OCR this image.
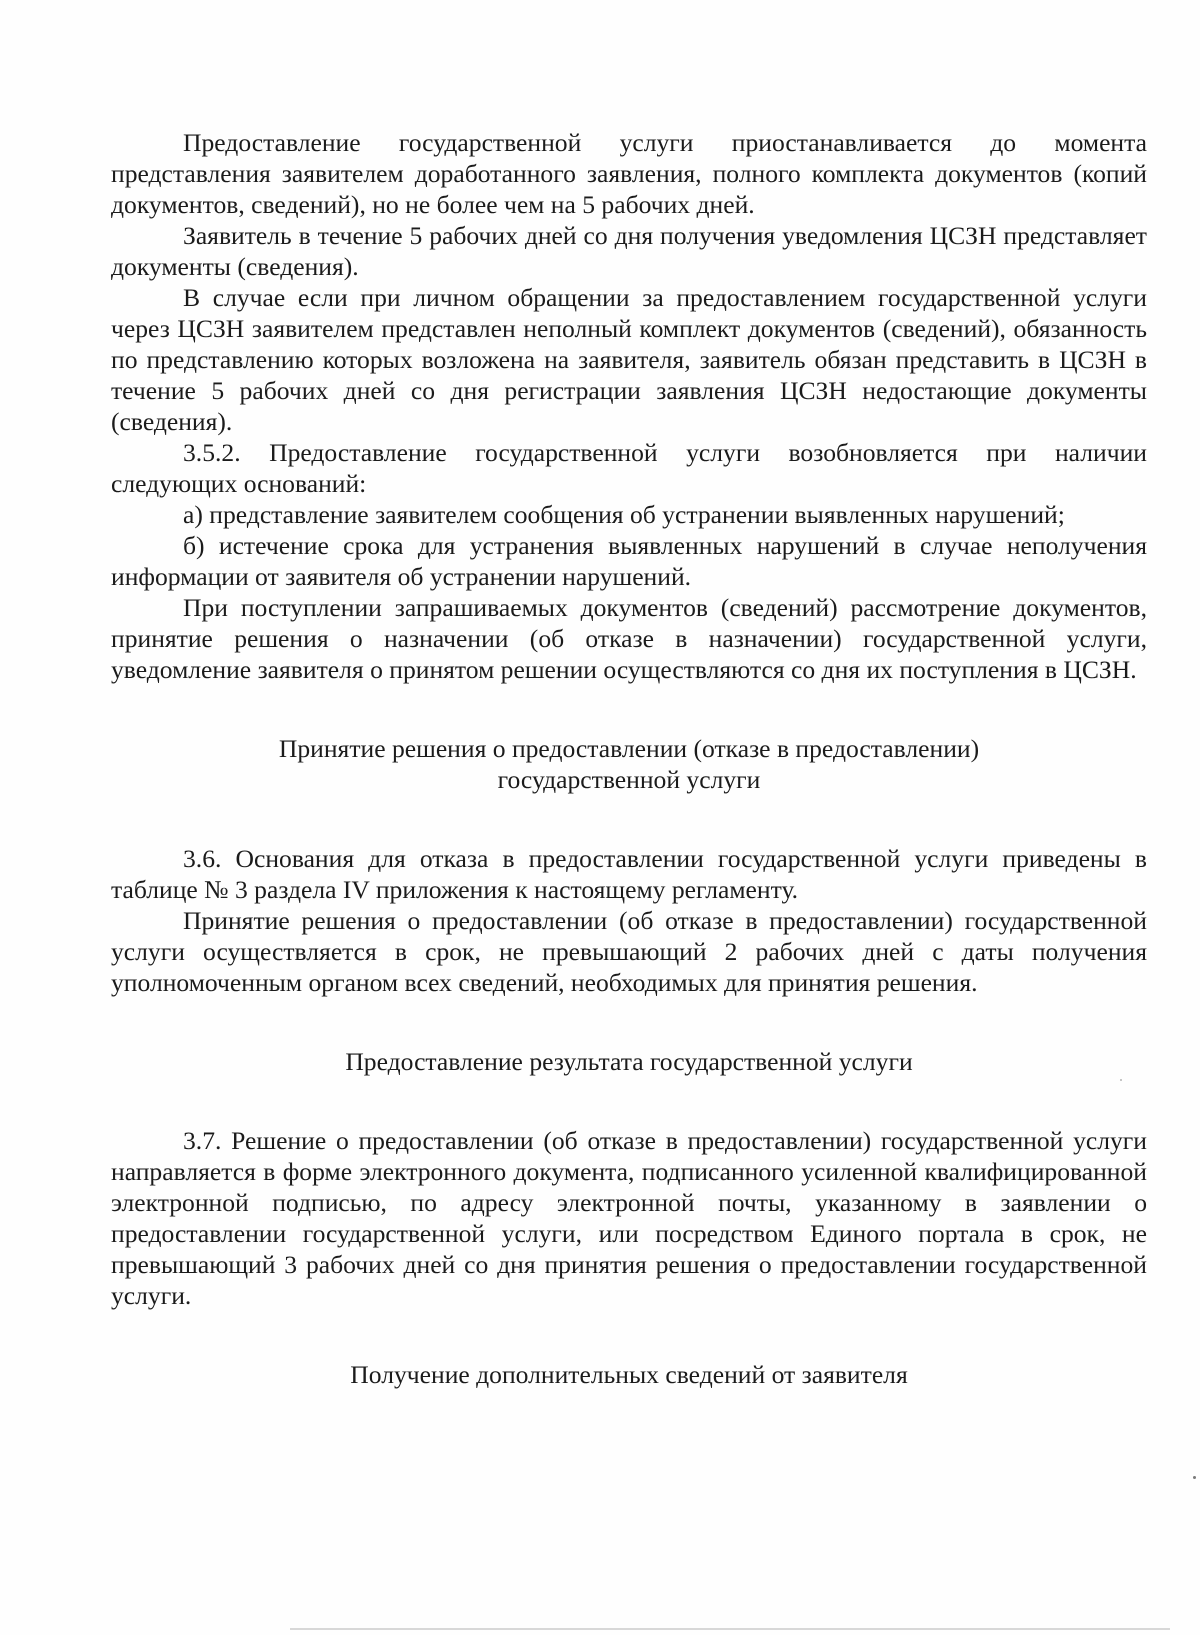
Предоставление государственной услуги приостанавливается до момента представления заявителем доработанного заявления, полного комплекта документов (копий документов, сведений), но не более чем на 5 рабочих дней.

Заявитель в течение 5 рабочих дней со дня получения уведомления ЦСЗН представляет документы (сведения).

В случае если при личном обращении за предоставлением государственной услуги через ЦСЗН заявителем представлен неполный комплект документов (сведений), обязанность по представлению которых возложена на заявителя, заявитель обязан представить в ЦСЗН в течение 5 рабочих дней со дня регистрации заявления ЦСЗН недостающие документы (сведения).

3.5.2. Предоставление государственной услуги возобновляется при наличии следующих оснований:

а) представление заявителем сообщения об устранении выявленных нарушений;

б) истечение срока для устранения выявленных нарушений в случае неполучения информации от заявителя об устранении нарушений.

При поступлении запрашиваемых документов (сведений) рассмотрение документов, принятие решения о назначении (об отказе в назначении) государственной услуги, уведомление заявителя о принятом решении осуществляются со дня их поступления в ЦСЗН.

Принятие решения о предоставлении (отказе в предоставлении)

государственной услуги

3.6. Основания для отказа в предоставлении государственной услуги приведены в таблице № 3 раздела IV приложения к настоящему регламенту.

Принятие решения о предоставлении (об отказе в предоставлении) государственной услуги осуществляется в срок, не превышающий 2 рабочих дней с даты получения уполномоченным органом всех сведений, необходимых для принятия решения.

Предоставление результата государственной услуги

3.7. Решение о предоставлении (об отказе в предоставлении) государственной услуги направляется в форме электронного документа, подписанного усиленной квалифицированной электронной подписью, по адресу электронной почты, указанному в заявлении о предоставлении государственной услуги, или посредством Единого портала в срок, не превышающий 3 рабочих дней со дня принятия решения о предоставлении государственной услуги.

Получение дополнительных сведений от заявителя
